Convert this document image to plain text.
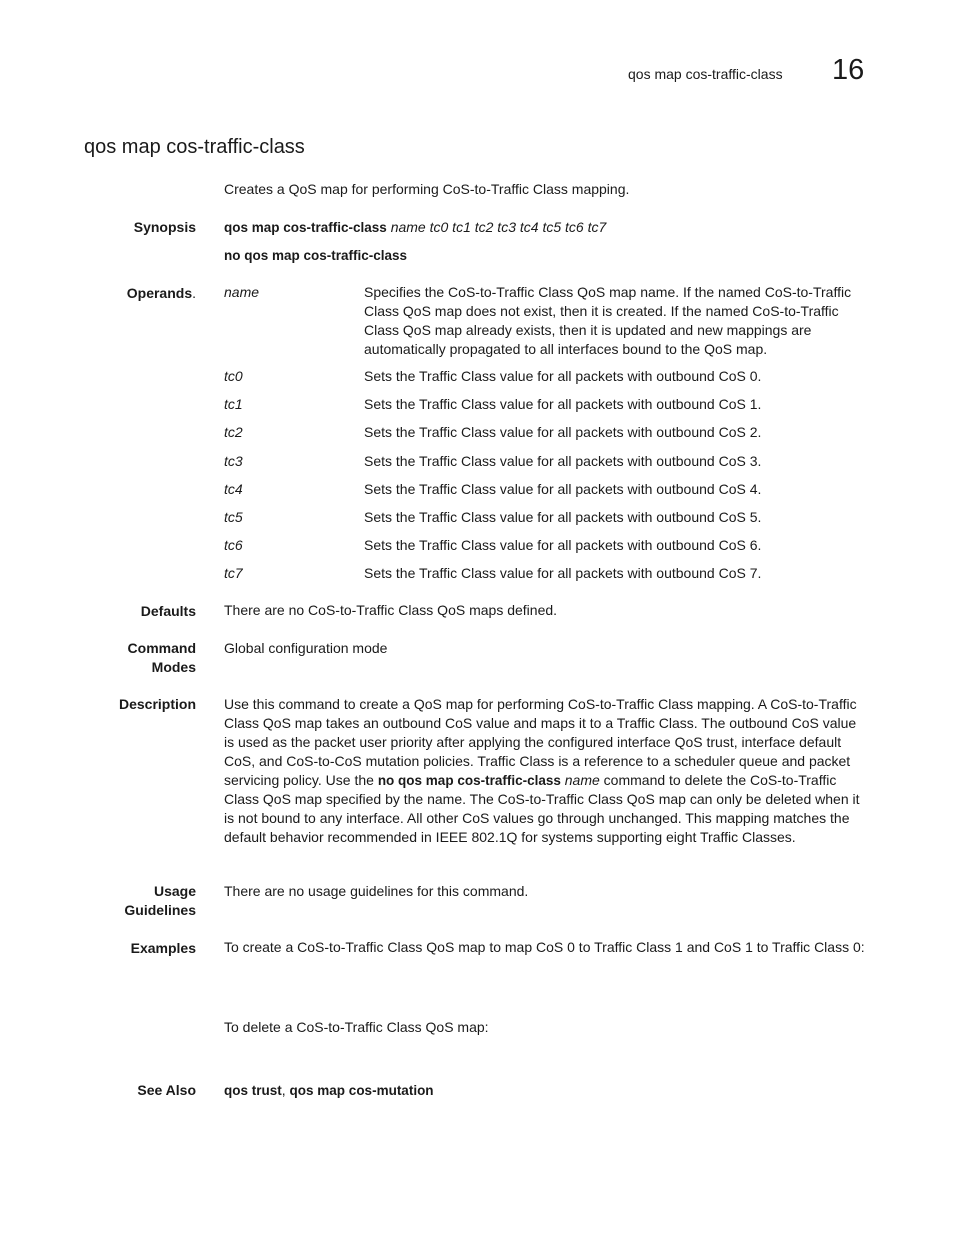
qos map cos-traffic-class 16
qos map cos-traffic-class
Creates a QoS map for performing CoS-to-Traffic Class mapping.
Synopsis qos map cos-traffic-class name tc0 tc1 tc2 tc3 tc4 tc5 tc6 tc7
no qos map cos-traffic-class
Operands. name	Specifies the CoS-to-Traffic Class QoS map name. If the named CoS-to-Traffic Class QoS map does not exist, then it is created. If the named CoS-to-Traffic Class QoS map already exists, then it is updated and new mappings are automatically propagated to all interfaces bound to the QoS map.
tc0	Sets the Traffic Class value for all packets with outbound CoS 0.
tc1	Sets the Traffic Class value for all packets with outbound CoS 1.
tc2	Sets the Traffic Class value for all packets with outbound CoS 2.
tc3	Sets the Traffic Class value for all packets with outbound CoS 3.
tc4	Sets the Traffic Class value for all packets with outbound CoS 4.
tc5	Sets the Traffic Class value for all packets with outbound CoS 5.
tc6	Sets the Traffic Class value for all packets with outbound CoS 6.
tc7	Sets the Traffic Class value for all packets with outbound CoS 7.
Defaults There are no CoS-to-Traffic Class QoS maps defined.
Command
Modes
Global configuration mode
Description Use this command to create a QoS map for performing CoS-to-Traffic Class mapping. A CoS-to-Traffic Class QoS map takes an outbound CoS value and maps it to a Traffic Class. The outbound CoS value is used as the packet user priority after applying the configured interface QoS trust, interface default CoS, and CoS-to-CoS mutation policies. Traffic Class is a reference to a scheduler queue and packet servicing policy. Use the no qos map cos-traffic-class name command to delete the CoS-to-Traffic Class QoS map specified by the name. The CoS-to-Traffic Class QoS map can only be deleted when it is not bound to any interface. All other CoS values go through unchanged. This mapping matches the default behavior recommended in IEEE 802.1Q for systems supporting eight Traffic Classes.
Usage
Guidelines
There are no usage guidelines for this command.
Examples To create a CoS-to-Traffic Class QoS map to map CoS 0 to Traffic Class 1 and CoS 1 to Traffic Class 0:
To delete a CoS-to-Traffic Class QoS map:
See Also qos trust, qos map cos-mutation
